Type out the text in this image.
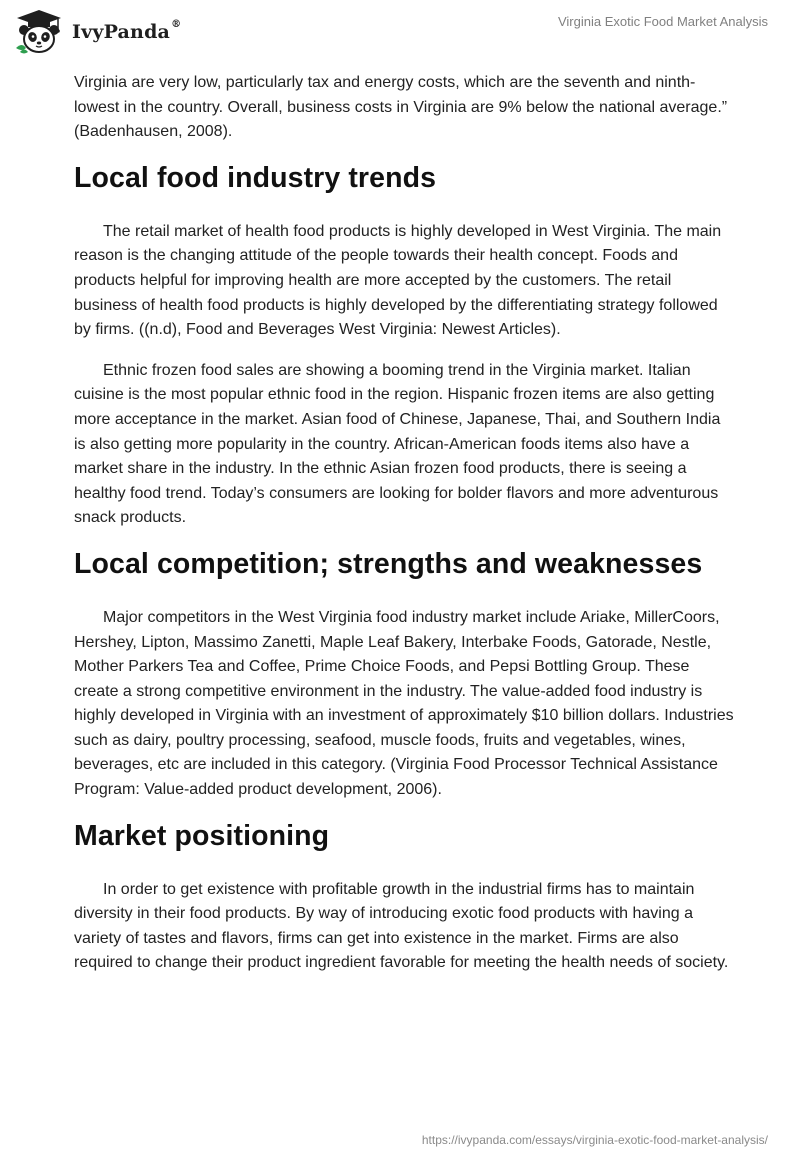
IvyPanda ®	Virginia Exotic Food Market Analysis

Virginia are very low, particularly tax and energy costs, which are the seventh and ninth-lowest in the country. Overall, business costs in Virginia are 9% below the national average.” (Badenhausen, 2008).

Local food industry trends

The retail market of health food products is highly developed in West Virginia. The main reason is the changing attitude of the people towards their health concept. Foods and products helpful for improving health are more accepted by the customers. The retail business of health food products is highly developed by the differentiating strategy followed by firms. ((n.d), Food and Beverages West Virginia: Newest Articles).

Ethnic frozen food sales are showing a booming trend in the Virginia market. Italian cuisine is the most popular ethnic food in the region. Hispanic frozen items are also getting more acceptance in the market. Asian food of Chinese, Japanese, Thai, and Southern India is also getting more popularity in the country. African-American foods items also have a market share in the industry. In the ethnic Asian frozen food products, there is seeing a healthy food trend. Today’s consumers are looking for bolder flavors and more adventurous snack products.

Local competition; strengths and weaknesses

Major competitors in the West Virginia food industry market include Ariake, MillerCoors, Hershey, Lipton, Massimo Zanetti, Maple Leaf Bakery, Interbake Foods, Gatorade, Nestle, Mother Parkers Tea and Coffee, Prime Choice Foods, and Pepsi Bottling Group. These create a strong competitive environment in the industry. The value-added food industry is highly developed in Virginia with an investment of approximately $10 billion dollars. Industries such as dairy, poultry processing, seafood, muscle foods, fruits and vegetables, wines, beverages, etc are included in this category. (Virginia Food Processor Technical Assistance Program: Value-added product development, 2006).

Market positioning

In order to get existence with profitable growth in the industrial firms has to maintain diversity in their food products. By way of introducing exotic food products with having a variety of tastes and flavors, firms can get into existence in the market. Firms are also required to change their product ingredient favorable for meeting the health needs of society.

https://ivypanda.com/essays/virginia-exotic-food-market-analysis/
